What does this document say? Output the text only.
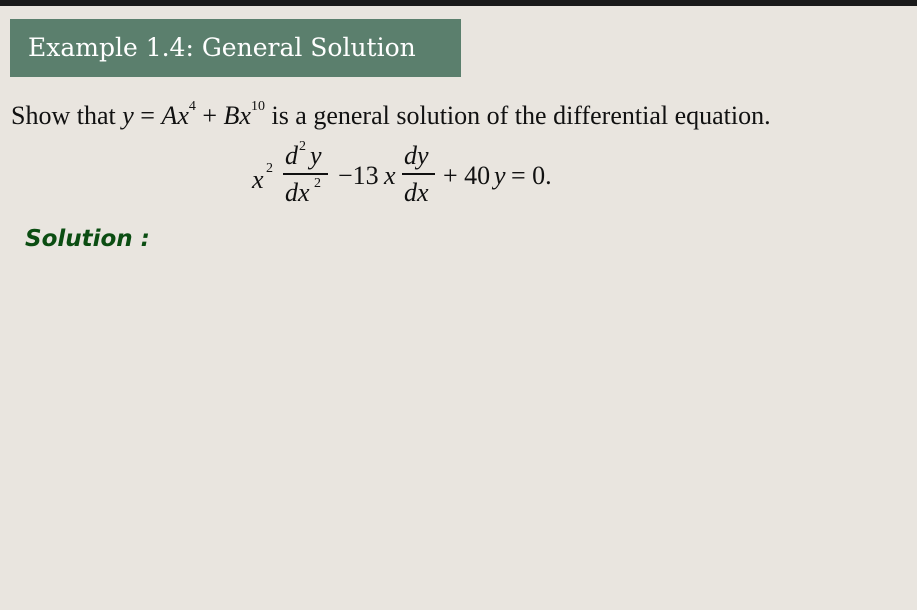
Example 1.4: General Solution
Show that $y = Ax^4 + Bx^{10}$ is a general solution of the differential equation.
x 2 d 2 y
dx 2 −13 x
dy
dx
+ 40 y = 0.
Solution :
